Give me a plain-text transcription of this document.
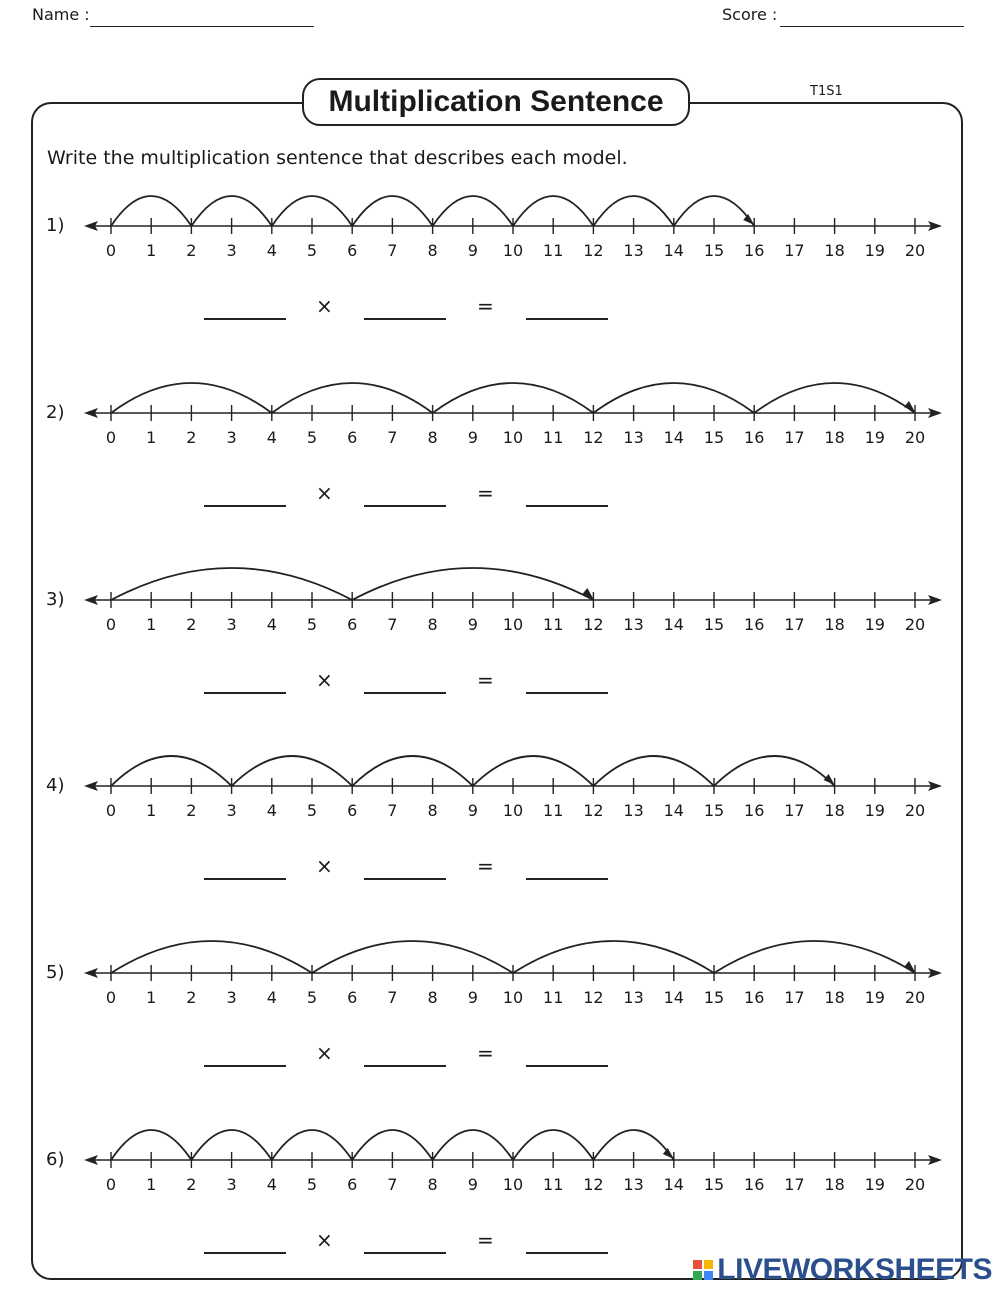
Name :	Score :
Multiplication Sentence	T1S1
Write the multiplication sentence that describes each model.
1)
0 1 2 3 4 5 6 7 8 9 10 11 12 13 14 15 16 17 18 19 20
×	=
2)
0 1 2 3 4 5 6 7 8 9 10 11 12 13 14 15 16 17 18 19 20
×	=
3)
0 1 2 3 4 5 6 7 8 9 10 11 12 13 14 15 16 17 18 19 20
×	=
4)
0 1 2 3 4 5 6 7 8 9 10 11 12 13 14 15 16 17 18 19 20
×	=
5)
0 1 2 3 4 5 6 7 8 9 10 11 12 13 14 15 16 17 18 19 20
×	=
6)
0 1 2 3 4 5 6 7 8 9 10 11 12 13 14 15 16 17 18 19 20
×	=
LIVEWORKSHEETS
